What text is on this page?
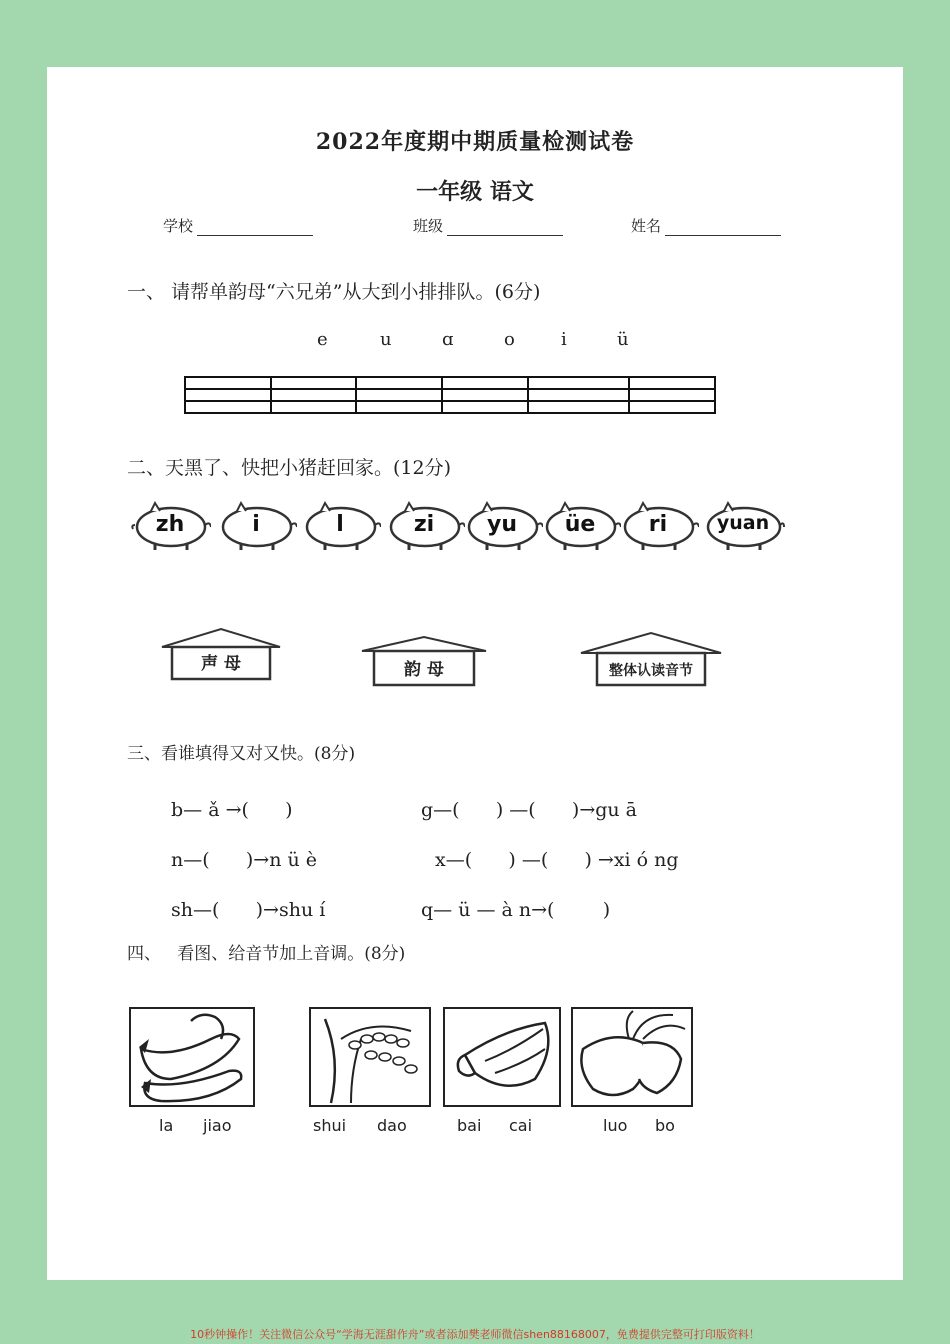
2022年度期中期质量检测试卷
一年级 语文
学校	班级	姓名
一、 请帮单韵母“六兄弟”从大到小排排队。(6分)
e	u	ɑ	o	i	ü

二、天黑了、快把小猪赶回家。(12分)
zh	i	l	zi	yu	üe	ri	yuan
声 母	韵 母	整体认读音节
三、看谁填得又对又快。(8分)
b— ǎ →(      )	g—(      ) —(      )→gu ā
n—(      )→n ü è	x—(      ) —(      ) →xi ó ng
sh—(      )→shu í	q— ü — à n→(        )
四、   看图、给音节加上音调。(8分)
la jiao	shui dao	bai cai	luo bo
10秒钟操作！关注微信公众号“学海无涯甜作舟”或者添加樊老师微信shen88168007，免费提供完整可打印版资料！
